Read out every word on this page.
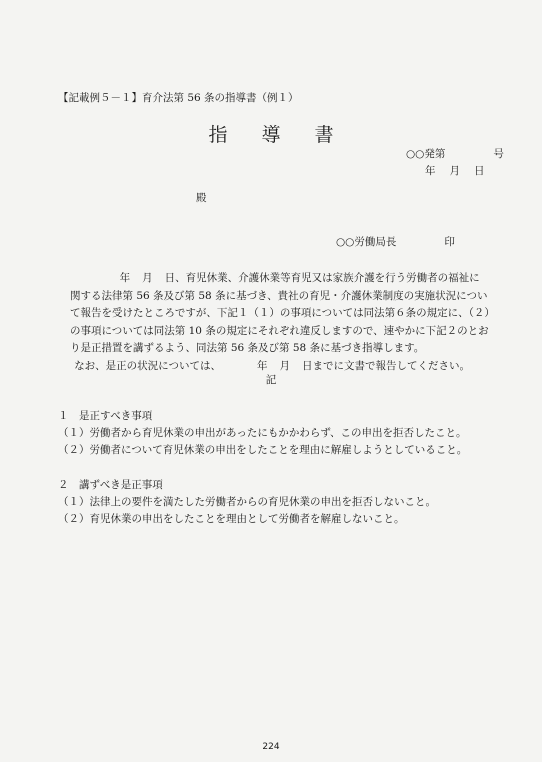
【記載例５－１】育介法第 56 条の指導書（例１）
指 導 書
○○発第	号
年 月 日
殿
○○労働局長	印

年 月 日、育児休業、介護休業等育児又は家族介護を行う労働者の福祉に関する法律第 56 条及び第 58 条に基づき、貴社の育児・介護休業制度の実施状況について報告を受けたところですが、下記１（１）の事項については同法第６条の規定に、（２）の事項については同法第 10 条の規定にそれぞれ違反しますので、速やかに下記２のとおり是正措置を講ずるよう、同法第 56 条及び第 58 条に基づき指導します。

なお、是正の状況については、	年 月 日までに文書で報告してください。

記
１　是正すべき事項
（１）労働者から育児休業の申出があったにもかかわらず、この申出を拒否したこと。
（２）労働者について育児休業の申出をしたことを理由に解雇しようとしていること。
２　講ずべき是正事項
（１）法律上の要件を満たした労働者からの育児休業の申出を拒否しないこと。
（２）育児休業の申出をしたことを理由として労働者を解雇しないこと。
224
